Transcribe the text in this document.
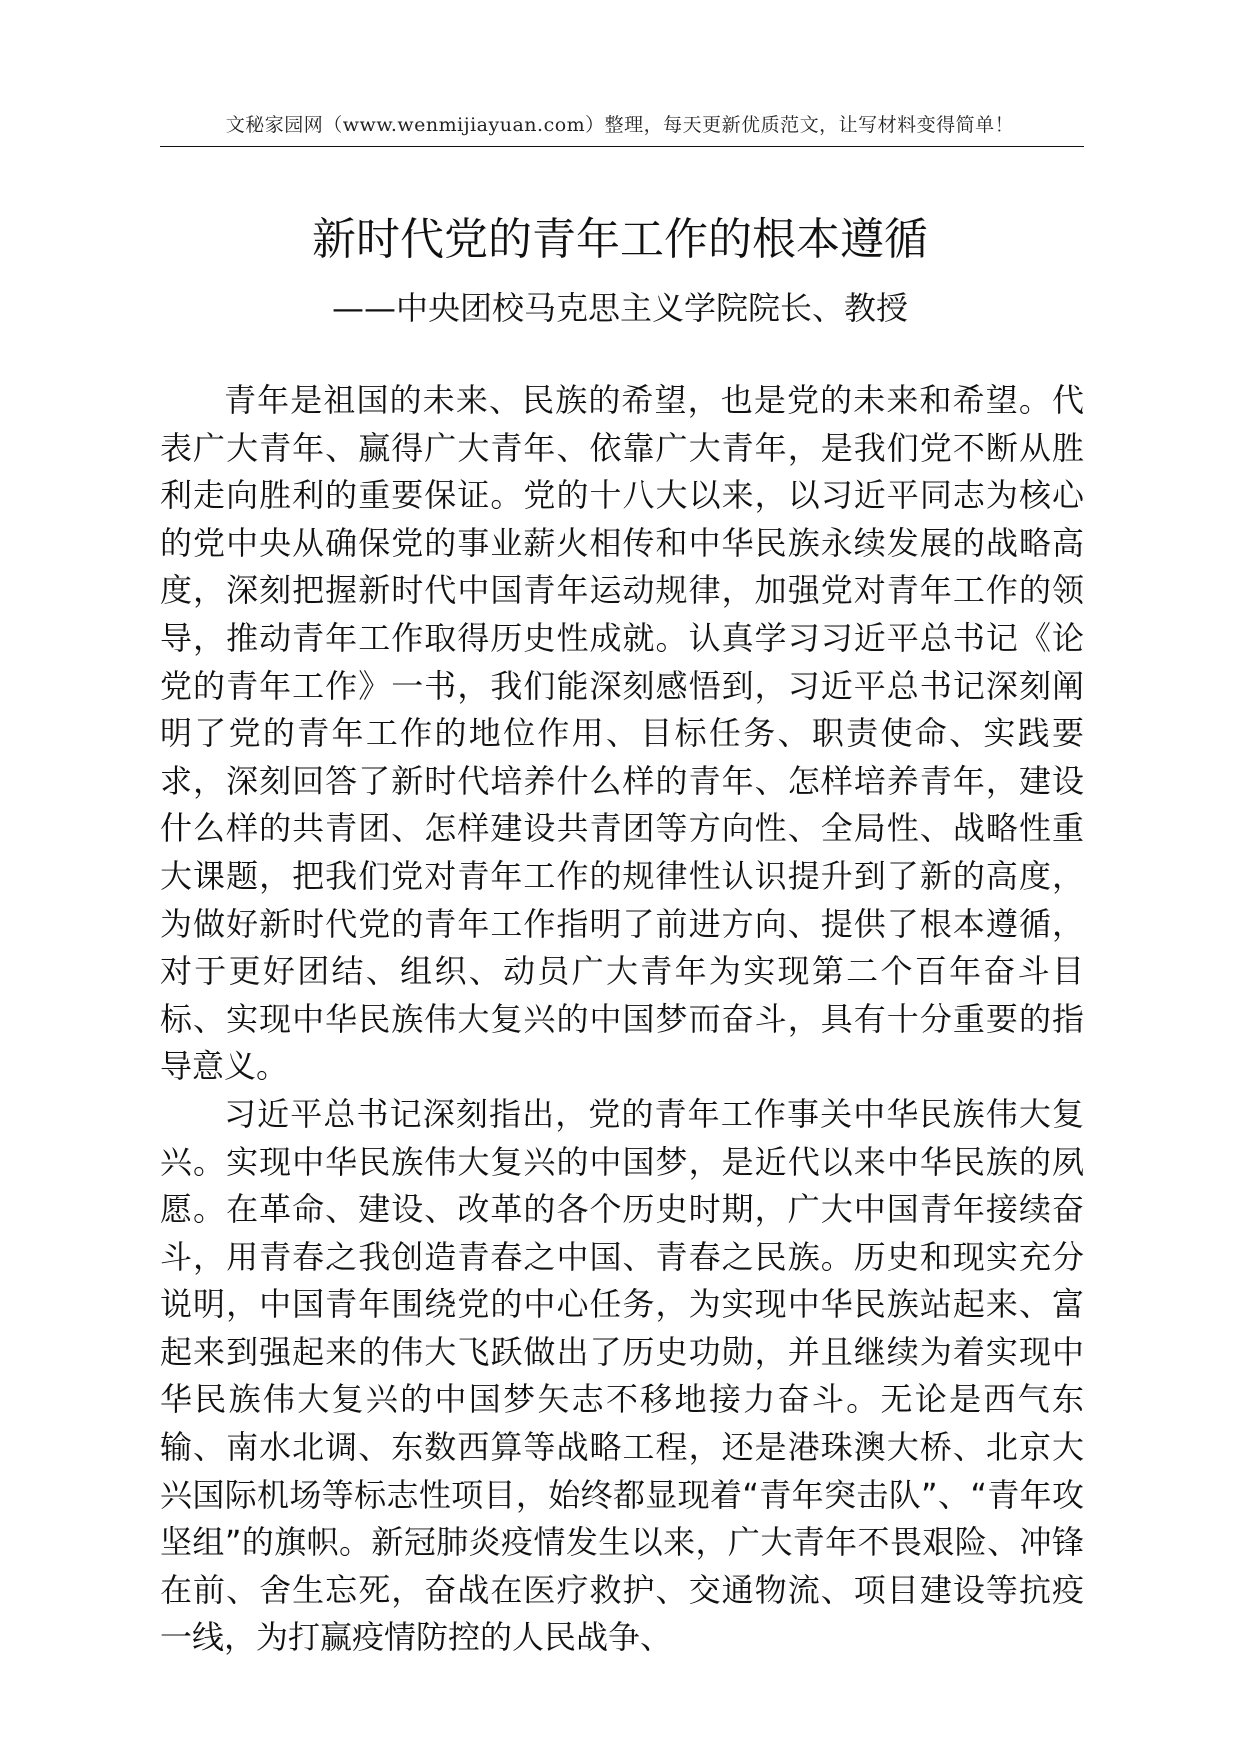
文秘家园网（www.wenmijiayuan.com）整理，每天更新优质范文，让写材料变得简单！
新时代党的青年工作的根本遵循
——中央团校马克思主义学院院长、教授

青年是祖国的未来、民族的希望，也是党的未来和希望。代表广大青年、赢得广大青年、依靠广大青年，是我们党不断从胜利走向胜利的重要保证。党的十八大以来，以习近平同志为核心的党中央从确保党的事业薪火相传和中华民族永续发展的战略高度，深刻把握新时代中国青年运动规律，加强党对青年工作的领导，推动青年工作取得历史性成就。认真学习习近平总书记《论党的青年工作》一书，我们能深刻感悟到，习近平总书记深刻阐明了党的青年工作的地位作用、目标任务、职责使命、实践要求，深刻回答了新时代培养什么样的青年、怎样培养青年，建设什么样的共青团、怎样建设共青团等方向性、全局性、战略性重大课题，把我们党对青年工作的规律性认识提升到了新的高度，为做好新时代党的青年工作指明了前进方向、提供了根本遵循，对于更好团结、组织、动员广大青年为实现第二个百年奋斗目标、实现中华民族伟大复兴的中国梦而奋斗，具有十分重要的指导意义。

习近平总书记深刻指出，党的青年工作事关中华民族伟大复兴。实现中华民族伟大复兴的中国梦，是近代以来中华民族的夙愿。在革命、建设、改革的各个历史时期，广大中国青年接续奋斗，用青春之我创造青春之中国、青春之民族。历史和现实充分说明，中国青年围绕党的中心任务，为实现中华民族站起来、富起来到强起来的伟大飞跃做出了历史功勋，并且继续为着实现中华民族伟大复兴的中国梦矢志不移地接力奋斗。无论是西气东输、南水北调、东数西算等战略工程，还是港珠澳大桥、北京大兴国际机场等标志性项目，始终都显现着“青年突击队”、“青年攻坚组”的旗帜。新冠肺炎疫情发生以来，广大青年不畏艰险、冲锋在前、舍生忘死，奋战在医疗救护、交通物流、项目建设等抗疫一线，为打赢疫情防控的人民战争、
